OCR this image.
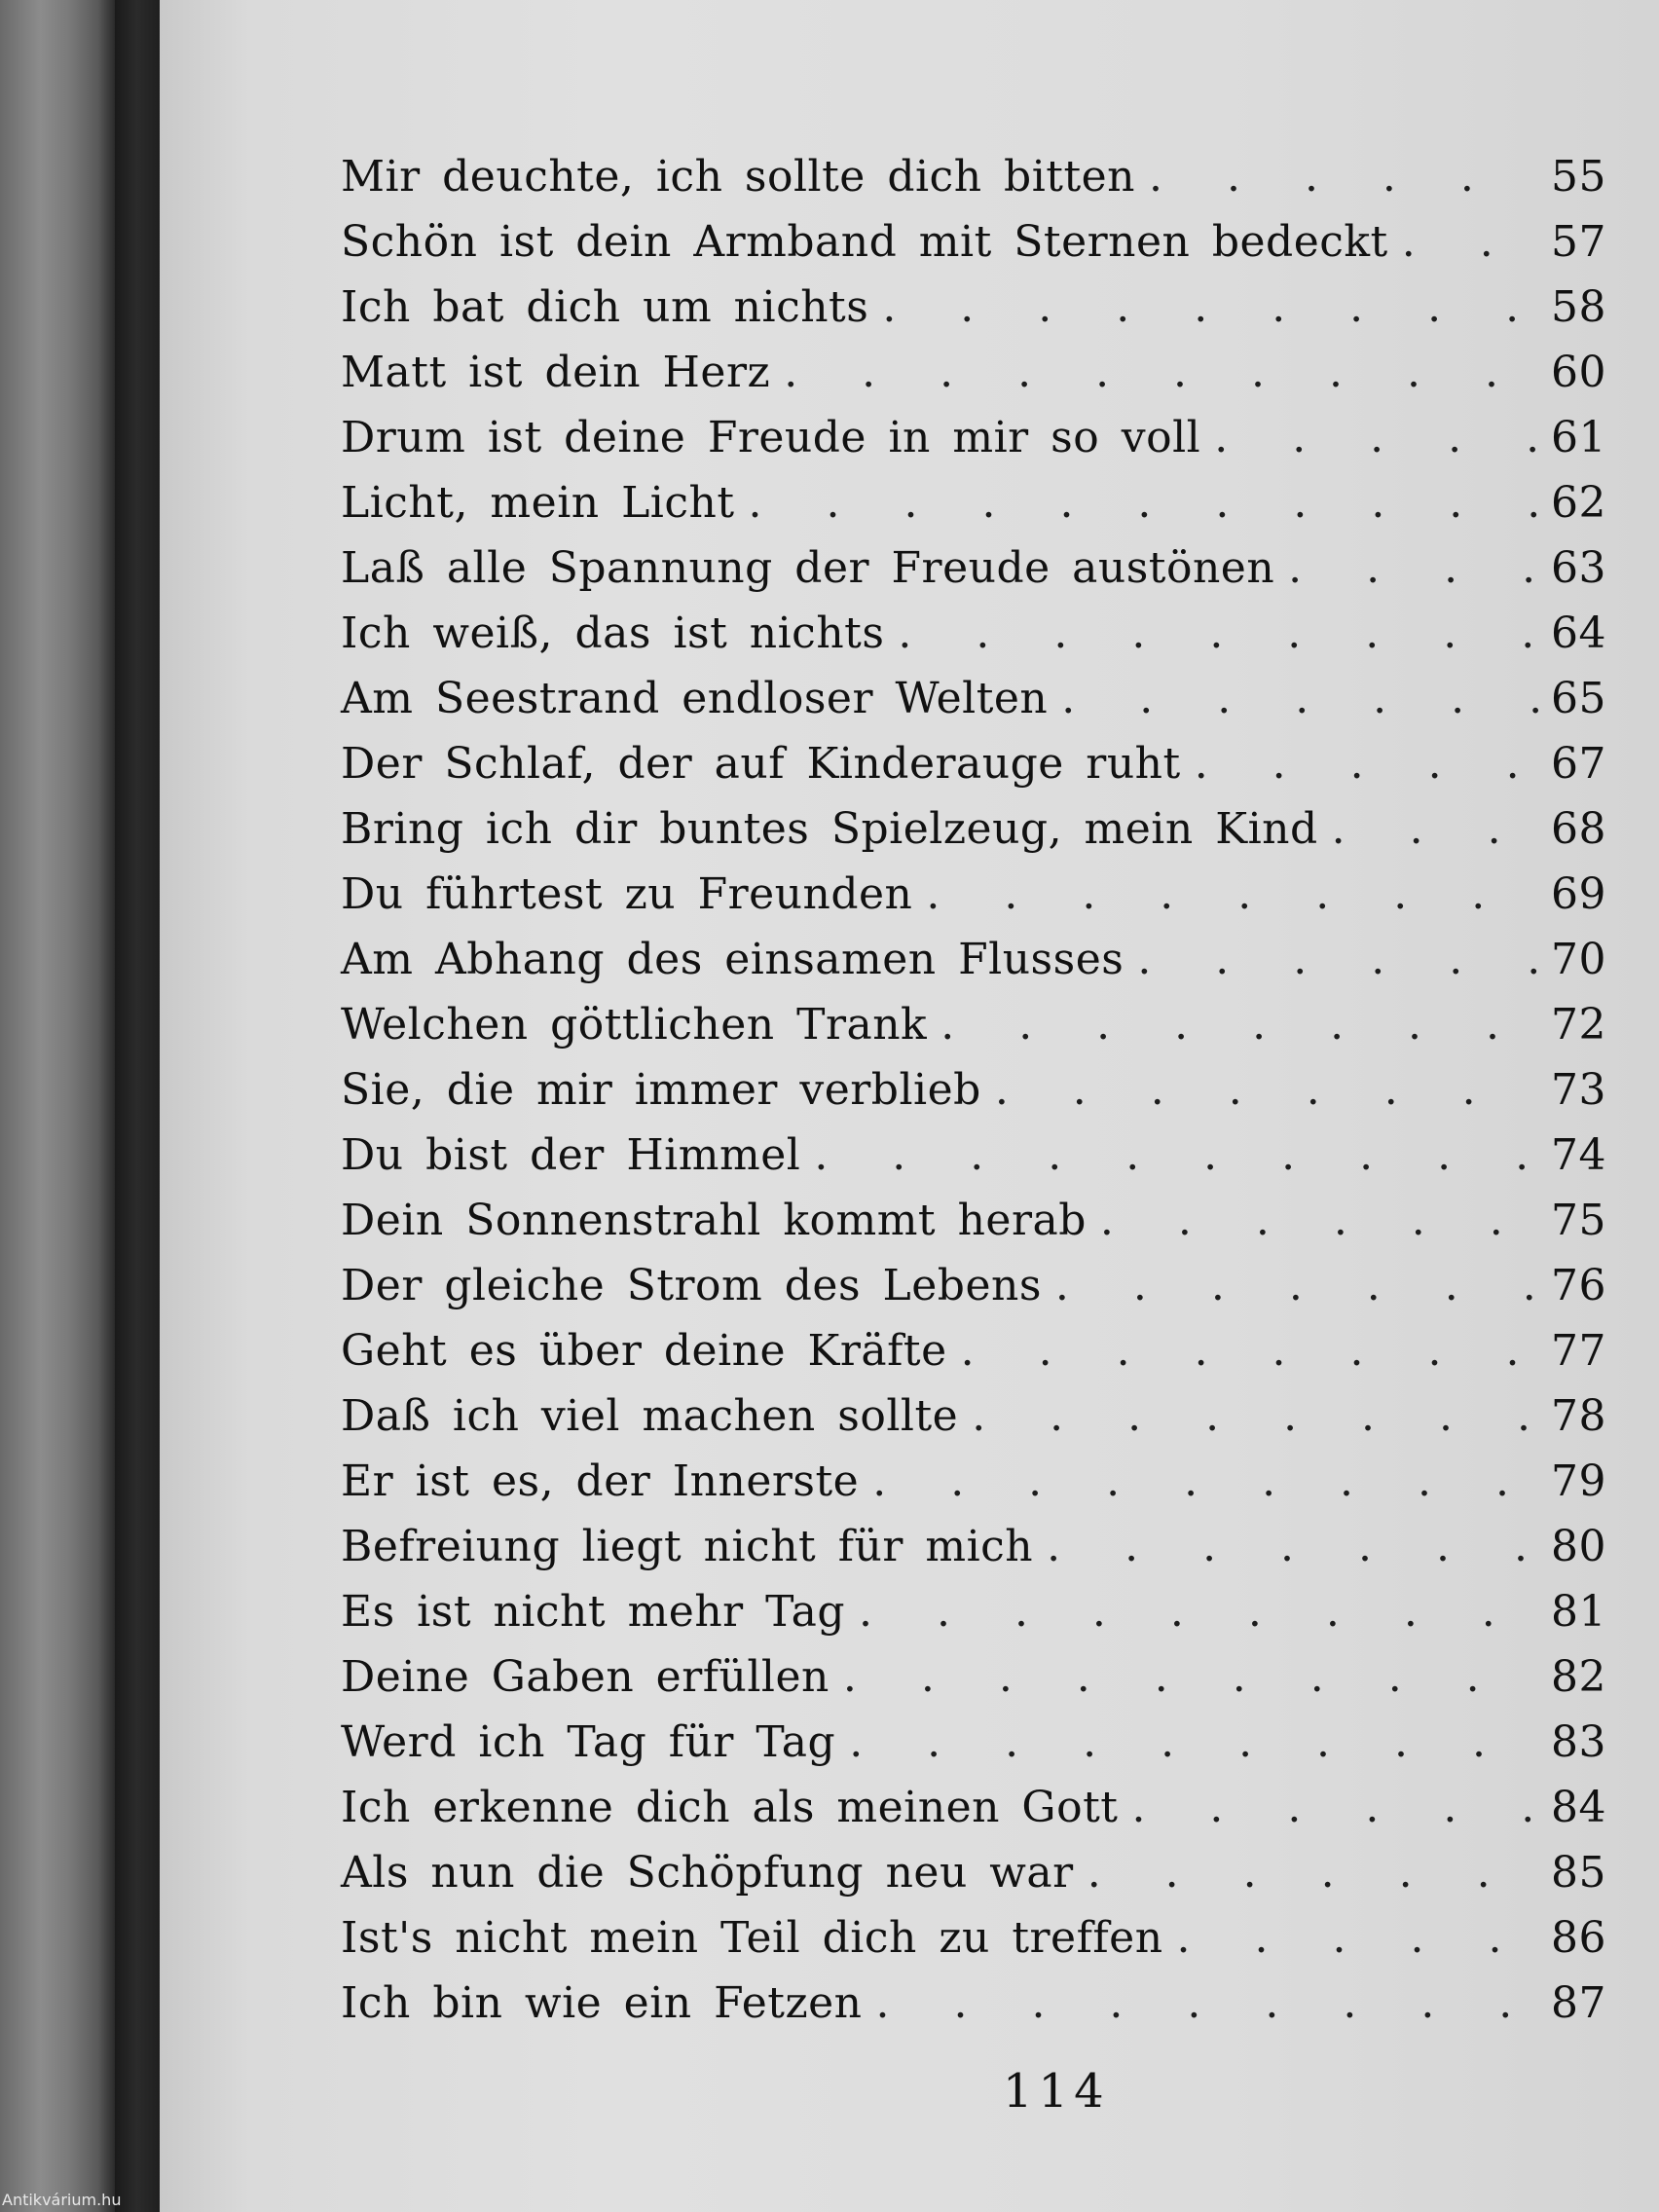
Mir deuchte, ich sollte dich bitten . . .	55
Schön ist dein Armband mit Sternen bedeckt . . .	57
Ich bat dich um nichts . . .	58
Matt ist dein Herz . . .	60
Drum ist deine Freude in mir so voll . . .	61
Licht, mein Licht . . .	62
Laß alle Spannung der Freude austönen . . .	63
Ich weiß, das ist nichts . . .	64
Am Seestrand endloser Welten . . .	65
Der Schlaf, der auf Kinderauge ruht . . .	67
Bring ich dir buntes Spielzeug, mein Kind . . .	68
Du führtest zu Freunden . . .	69
Am Abhang des einsamen Flusses . . .	70
Welchen göttlichen Trank . . .	72
Sie, die mir immer verblieb . . .	73
Du bist der Himmel . . .	74
Dein Sonnenstrahl kommt herab . . .	75
Der gleiche Strom des Lebens . . .	76
Geht es über deine Kräfte . . .	77
Daß ich viel machen sollte . . .	78
Er ist es, der Innerste . . .	79
Befreiung liegt nicht für mich . . .	80
Es ist nicht mehr Tag . . .	81
Deine Gaben erfüllen . . .	82
Werd ich Tag für Tag . . .	83
Ich erkenne dich als meinen Gott . . .	84
Als nun die Schöpfung neu war . . .	85
Ist's nicht mein Teil dich zu treffen . . .	86
Ich bin wie ein Fetzen . . .	87
114
Antikvárium.hu
